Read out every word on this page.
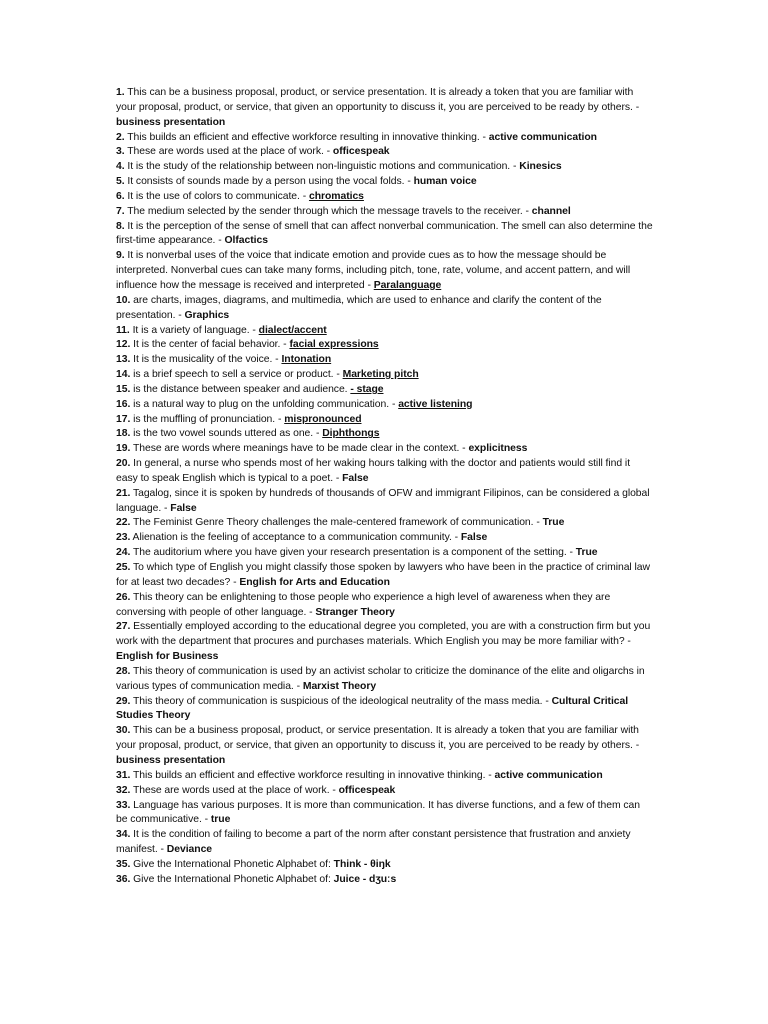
1. This can be a business proposal, product, or service presentation. It is already a token that you are familiar with your proposal, product, or service, that given an opportunity to discuss it, you are perceived to be ready by others. - business presentation

2. This builds an efficient and effective workforce resulting in innovative thinking. - active communication

3. These are words used at the place of work. - officespeak

4. It is the study of the relationship between non-linguistic motions and communication. - Kinesics

5. It consists of sounds made by a person using the vocal folds. - human voice

6. It is the use of colors to communicate. - chromatics

7. The medium selected by the sender through which the message travels to the receiver. - channel

8. It is the perception of the sense of smell that can affect nonverbal communication. The smell can also determine the first-time appearance. - Olfactics

9. It is nonverbal uses of the voice that indicate emotion and provide cues as to how the message should be interpreted. Nonverbal cues can take many forms, including pitch, tone, rate, volume, and accent pattern, and will influence how the message is received and interpreted - Paralanguage

10. are charts, images, diagrams, and multimedia, which are used to enhance and clarify the content of the presentation. - Graphics

11. It is a variety of language. - dialect/accent

12. It is the center of facial behavior. - facial expressions

13. It is the musicality of the voice. - Intonation

14. is a brief speech to sell a service or product. - Marketing pitch

15. is the distance between speaker and audience. - stage

16. is a natural way to plug on the unfolding communication. - active listening

17. is the muffling of pronunciation. - mispronounced

18. is the two vowel sounds uttered as one. - Diphthongs

19. These are words where meanings have to be made clear in the context. - explicitness

20. In general, a nurse who spends most of her waking hours talking with the doctor and patients would still find it easy to speak English which is typical to a poet. - False

21. Tagalog, since it is spoken by hundreds of thousands of OFW and immigrant Filipinos, can be considered a global language. - False

22. The Feminist Genre Theory challenges the male-centered framework of communication. - True

23. Alienation is the feeling of acceptance to a communication community. - False

24. The auditorium where you have given your research presentation is a component of the setting. - True

25. To which type of English you might classify those spoken by lawyers who have been in the practice of criminal law for at least two decades? - English for Arts and Education

26. This theory can be enlightening to those people who experience a high level of awareness when they are conversing with people of other language. - Stranger Theory

27. Essentially employed according to the educational degree you completed, you are with a construction firm but you work with the department that procures and purchases materials. Which English you may be more familiar with? - English for Business

28. This theory of communication is used by an activist scholar to criticize the dominance of the elite and oligarchs in various types of communication media. - Marxist Theory

29. This theory of communication is suspicious of the ideological neutrality of the mass media. - Cultural Critical Studies Theory

30. This can be a business proposal, product, or service presentation. It is already a token that you are familiar with your proposal, product, or service, that given an opportunity to discuss it, you are perceived to be ready by others. - business presentation

31. This builds an efficient and effective workforce resulting in innovative thinking. - active communication

32. These are words used at the place of work. - officespeak

33. Language has various purposes. It is more than communication. It has diverse functions, and a few of them can be communicative. - true

34. It is the condition of failing to become a part of the norm after constant persistence that frustration and anxiety manifest. - Deviance

35. Give the International Phonetic Alphabet of: Think - θiŋk

36. Give the International Phonetic Alphabet of: Juice - dʒuːs
